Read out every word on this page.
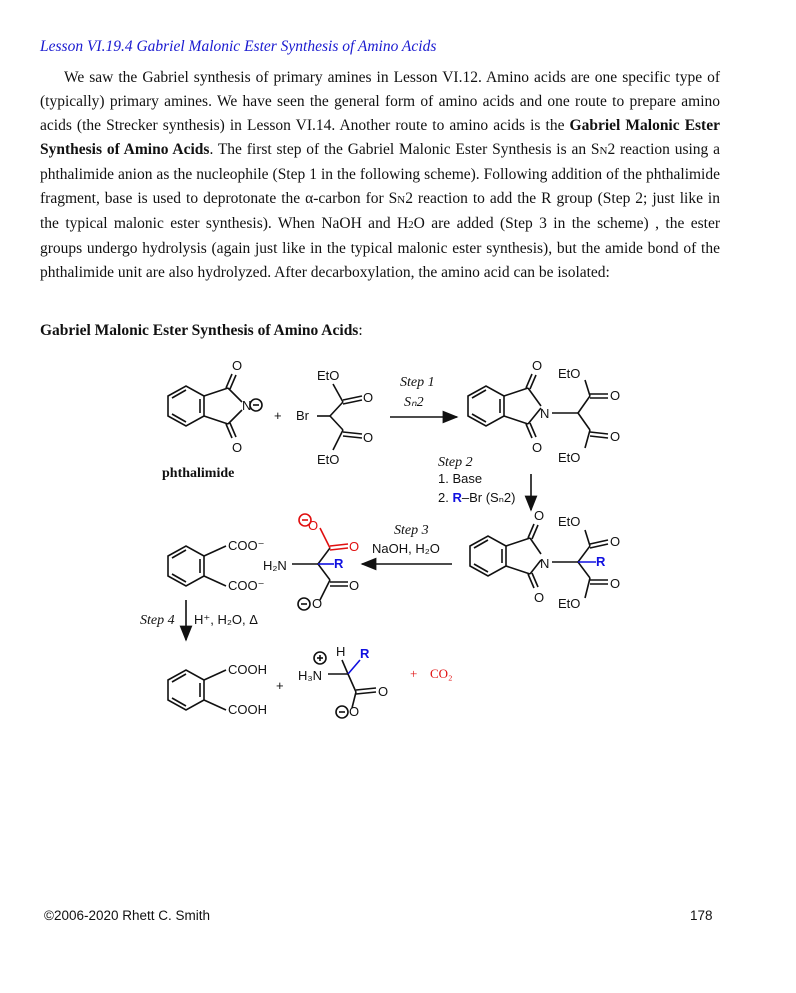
Lesson VI.19.4 Gabriel Malonic Ester Synthesis of Amino Acids

We saw the Gabriel synthesis of primary amines in Lesson VI.12. Amino acids are one specific type of (typically) primary amines. We have seen the general form of amino acids and one route to prepare amino acids (the Strecker synthesis) in Lesson VI.14. Another route to amino acids is the Gabriel Malonic Ester Synthesis of Amino Acids. The first step of the Gabriel Malonic Ester Synthesis is an SN2 reaction using a phthalimide anion as the nucleophile (Step 1 in the following scheme). Following addition of the phthalimide fragment, base is used to deprotonate the α-carbon for SN2 reaction to add the R group (Step 2; just like in the typical malonic ester synthesis). When NaOH and H2O are added (Step 3 in the scheme) , the ester groups undergo hydrolysis (again just like in the typical malonic ester synthesis), but the amide bond of the phthalimide unit are also hydrolyzed. After decarboxylation, the amino acid can be isolated:

Gabriel Malonic Ester Synthesis of Amino Acids:
O
O
N
phthalimide
+ Br
EtO
O
EtO
O
Step 1
Sₙ2
O
O
N
EtO
O
EtO
O
Step 2
1. Base
2. R–Br (Sₙ2)
O
O
N
EtO
O
R
EtO
O
Step 3
NaOH, H₂O
O
O
R
H₂N
O
O
COO⁻
COO⁻
Step 4 H⁺, H₂O, Δ
COOH
COOH
+
H R
H₃N
O
O
+ CO₂
©2006-2020 Rhett C. Smith	178
